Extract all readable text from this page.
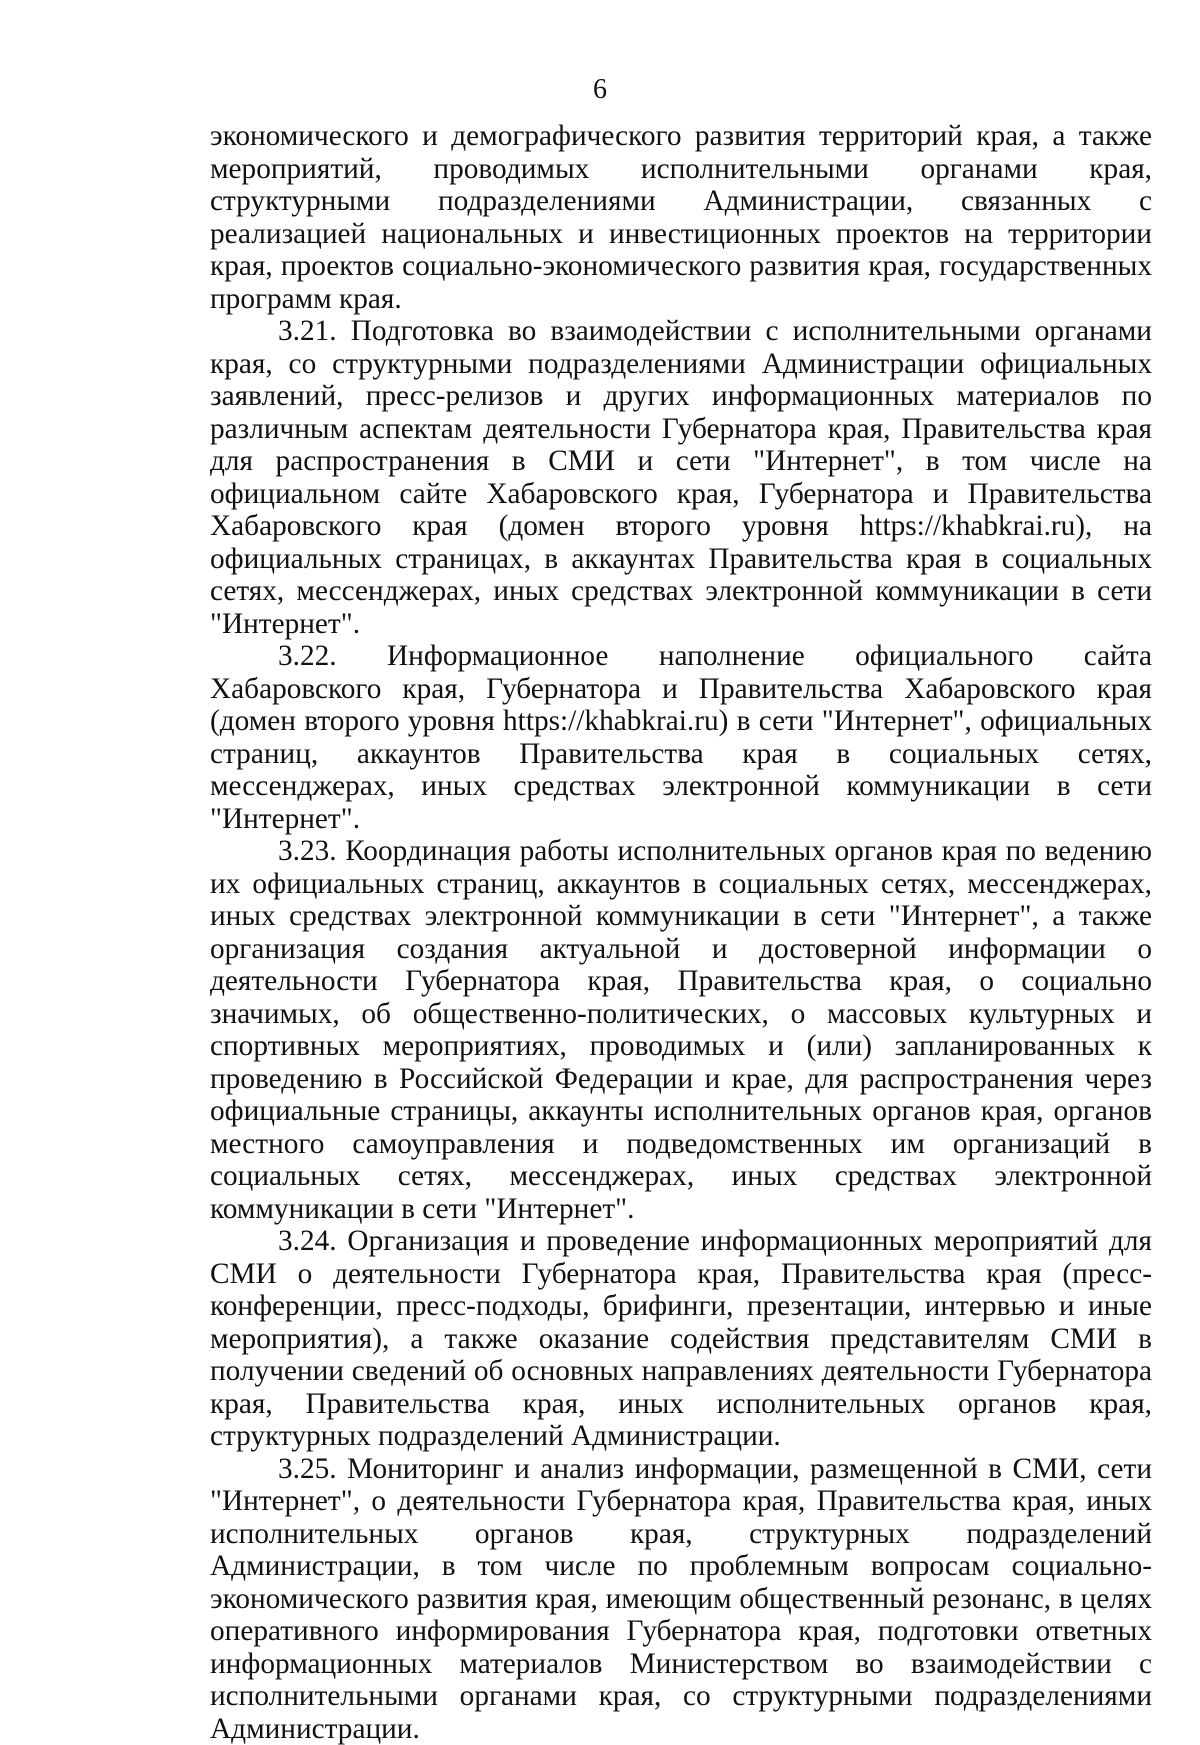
6

экономического и демографического развития территорий края, а также мероприятий, проводимых исполнительными органами края, структурными подразделениями Администрации, связанных с реализацией национальных и инвестиционных проектов на территории края, проектов социально-экономического развития края, государственных программ края.

3.21. Подготовка во взаимодействии с исполнительными органами края, со структурными подразделениями Администрации официальных заявлений, пресс-релизов и других информационных материалов по различным аспектам деятельности Губернатора края, Правительства края для распространения в СМИ и сети "Интернет", в том числе на официальном сайте Хабаровского края, Губернатора и Правительства Хабаровского края (домен второго уровня https://khabkrai.ru), на официальных страницах, в аккаунтах Правительства края в социальных сетях, мессенджерах, иных средствах электронной коммуникации в сети "Интернет".

3.22. Информационное наполнение официального сайта Хабаровского края, Губернатора и Правительства Хабаровского края (домен второго уровня https://khabkrai.ru) в сети "Интернет", официальных страниц, аккаунтов Правительства края в социальных сетях, мессенджерах, иных средствах электронной коммуникации в сети "Интернет".

3.23. Координация работы исполнительных органов края по ведению их официальных страниц, аккаунтов в социальных сетях, мессенджерах, иных средствах электронной коммуникации в сети "Интернет", а также организация создания актуальной и достоверной информации о деятельности Губернатора края, Правительства края, о социально значимых, об общественно-политических, о массовых культурных и спортивных мероприятиях, проводимых и (или) запланированных к проведению в Российской Федерации и крае, для распространения через официальные страницы, аккаунты исполнительных органов края, органов местного самоуправления и подведомственных им организаций в социальных сетях, мессенджерах, иных средствах электронной коммуникации в сети "Интернет".

3.24. Организация и проведение информационных мероприятий для СМИ о деятельности Губернатора края, Правительства края (пресс-конференции, пресс-подходы, брифинги, презентации, интервью и иные мероприятия), а также оказание содействия представителям СМИ в получении сведений об основных направлениях деятельности Губернатора края, Правительства края, иных исполнительных органов края, структурных подразделений Администрации.

3.25. Мониторинг и анализ информации, размещенной в СМИ, сети "Интернет", о деятельности Губернатора края, Правительства края, иных исполнительных органов края, структурных подразделений Администрации, в том числе по проблемным вопросам социально-экономического развития края, имеющим общественный резонанс, в целях оперативного информирования Губернатора края, подготовки ответных информационных материалов Министерством во взаимодействии с исполнительными органами края, со структурными подразделениями Администрации.
